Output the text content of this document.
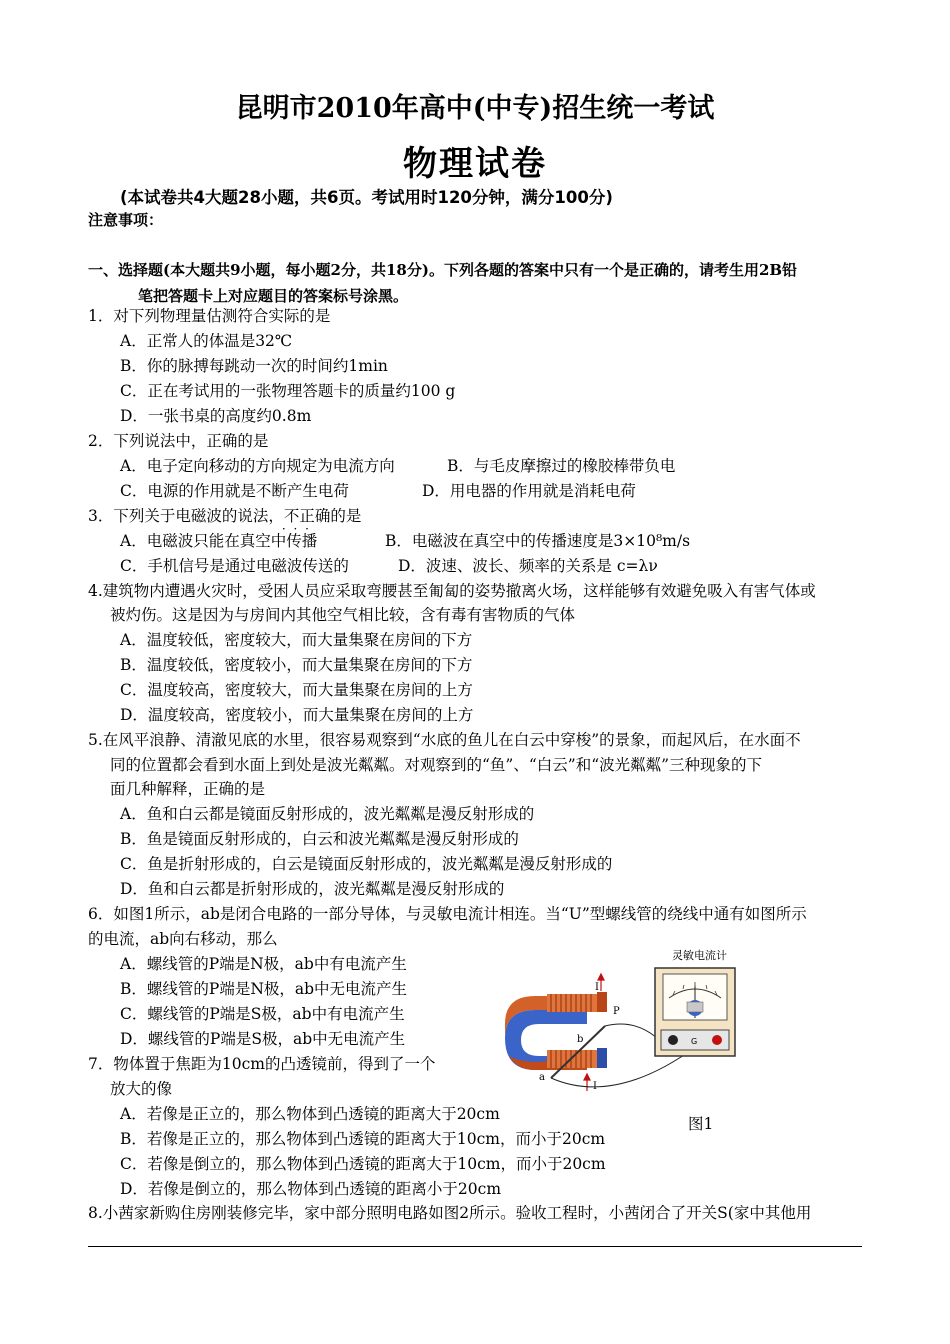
昆明市2010年高中(中专)招生统一考试
物理试卷
(本试卷共4大题28小题，共6页。考试用时120分钟，满分100分)
注意事项：
一、选择题(本大题共9小题，每小题2分，共18分)。下列各题的答案中只有一个是正确的，请考生用2B铅
笔把答题卡上对应题目的答案标号涂黑。
1．对下列物理量估测符合实际的是
A．正常人的体温是32℃
B．你的脉搏每跳动一次的时间约1min
C．正在考试用的一张物理答题卡的质量约100 g
D．一张书桌的高度约0.8m
2．下列说法中，正确的是
A．电子定向移动的方向规定为电流方向	B．与毛皮摩擦过的橡胶棒带负电
C．电源的作用就是不断产生电荷	D．用电器的作用就是消耗电荷
3．下列关于电磁波的说法，不正确 · · ·的是
A．电磁波只能在真空中传播	B．电磁波在真空中的传播速度是3×10⁸m/s
C．手机信号是通过电磁波传送的	D．波速、波长、频率的关系是 c=λν
4.建筑物内遭遇火灾时，受困人员应采取弯腰甚至匍匐的姿势撤离火场，这样能够有效避免吸入有害气体或
被灼伤。这是因为与房间内其他空气相比较，含有毒有害物质的气体
A．温度较低，密度较大，而大量集聚在房间的下方
B．温度较低，密度较小，而大量集聚在房间的下方
C．温度较高，密度较大，而大量集聚在房间的上方
D．温度较高，密度较小，而大量集聚在房间的上方
5.在风平浪静、清澈见底的水里，很容易观察到“水底的鱼儿在白云中穿梭”的景象，而起风后，在水面不
同的位置都会看到水面上到处是波光粼粼。对观察到的“鱼”、“白云”和“波光粼粼”三种现象的下
面几种解释，正确的是
A．鱼和白云都是镜面反射形成的，波光粼粼是漫反射形成的
B．鱼是镜面反射形成的，白云和波光粼粼是漫反射形成的
C．鱼是折射形成的，白云是镜面反射形成的，波光粼粼是漫反射形成的
D．鱼和白云都是折射形成的，波光粼粼是漫反射形成的
6．如图1所示，ab是闭合电路的一部分导体，与灵敏电流计相连。当“U”型螺线管的绕线中通有如图所示
的电流，ab向右移动，那么
A．螺线管的P端是N极，ab中有电流产生
B．螺线管的P端是N极，ab中无电流产生
C．螺线管的P端是S极，ab中有电流产生
D．螺线管的P端是S极，ab中无电流产生
7．物体置于焦距为10cm的凸透镜前，得到了一个
放大的像
A．若像是正立的，那么物体到凸透镜的距离大于20cm
B．若像是正立的，那么物体到凸透镜的距离大于10cm，而小于20cm
C．若像是倒立的，那么物体到凸透镜的距离大于10cm，而小于20cm
D．若像是倒立的，那么物体到凸透镜的距离小于20cm
8.小茜家新购住房刚装修完毕，家中部分照明电路如图2所示。验收工程时，小茜闭合了开关S(家中其他用
I
P
b
a
I
G
灵敏电流计
图1
